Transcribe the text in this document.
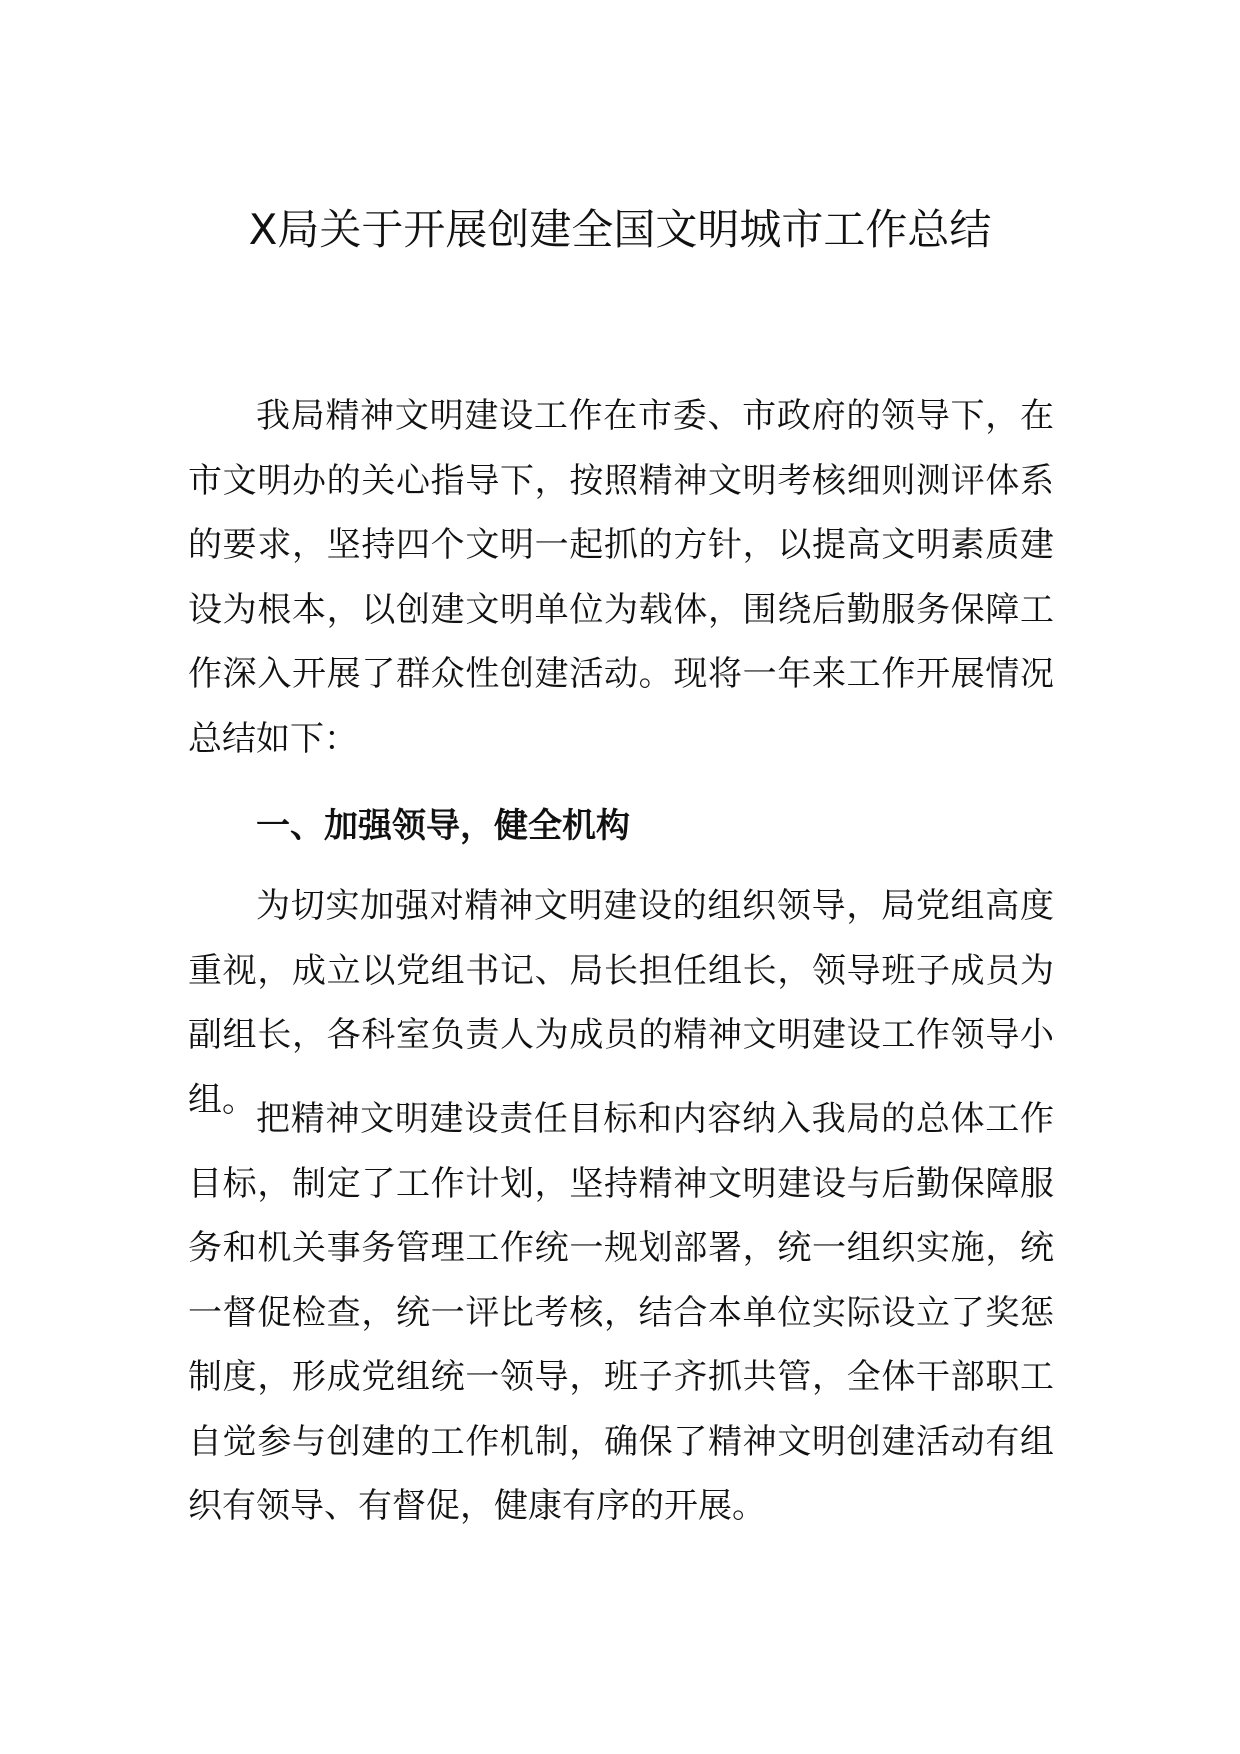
X局关于开展创建全国文明城市工作总结

我局精神文明建设工作在市委、市政府的领导下，在市文明办的关心指导下，按照精神文明考核细则测评体系的要求，坚持四个文明一起抓的方针，以提高文明素质建设为根本，以创建文明单位为载体，围绕后勤服务保障工作深入开展了群众性创建活动。现将一年来工作开展情况总结如下：

一、加强领导，健全机构

为切实加强对精神文明建设的组织领导，局党组高度重视，成立以党组书记、局长担任组长，领导班子成员为副组长，各科室负责人为成员的精神文明建设工作领导小组。 把精神文明建设责任目标和内容纳入我局的总体工作目标，制定了工作计划，坚持精神文明建设与后勤保障服务和机关事务管理工作统一规划部署，统一组织实施，统一督促检查，统一评比考核，结合本单位实际设立了奖惩制度，形成党组统一领导，班子齐抓共管，全体干部职工自觉参与创建的工作机制，确保了精神文明创建活动有组织有领导、有督促，健康有序的开展。
